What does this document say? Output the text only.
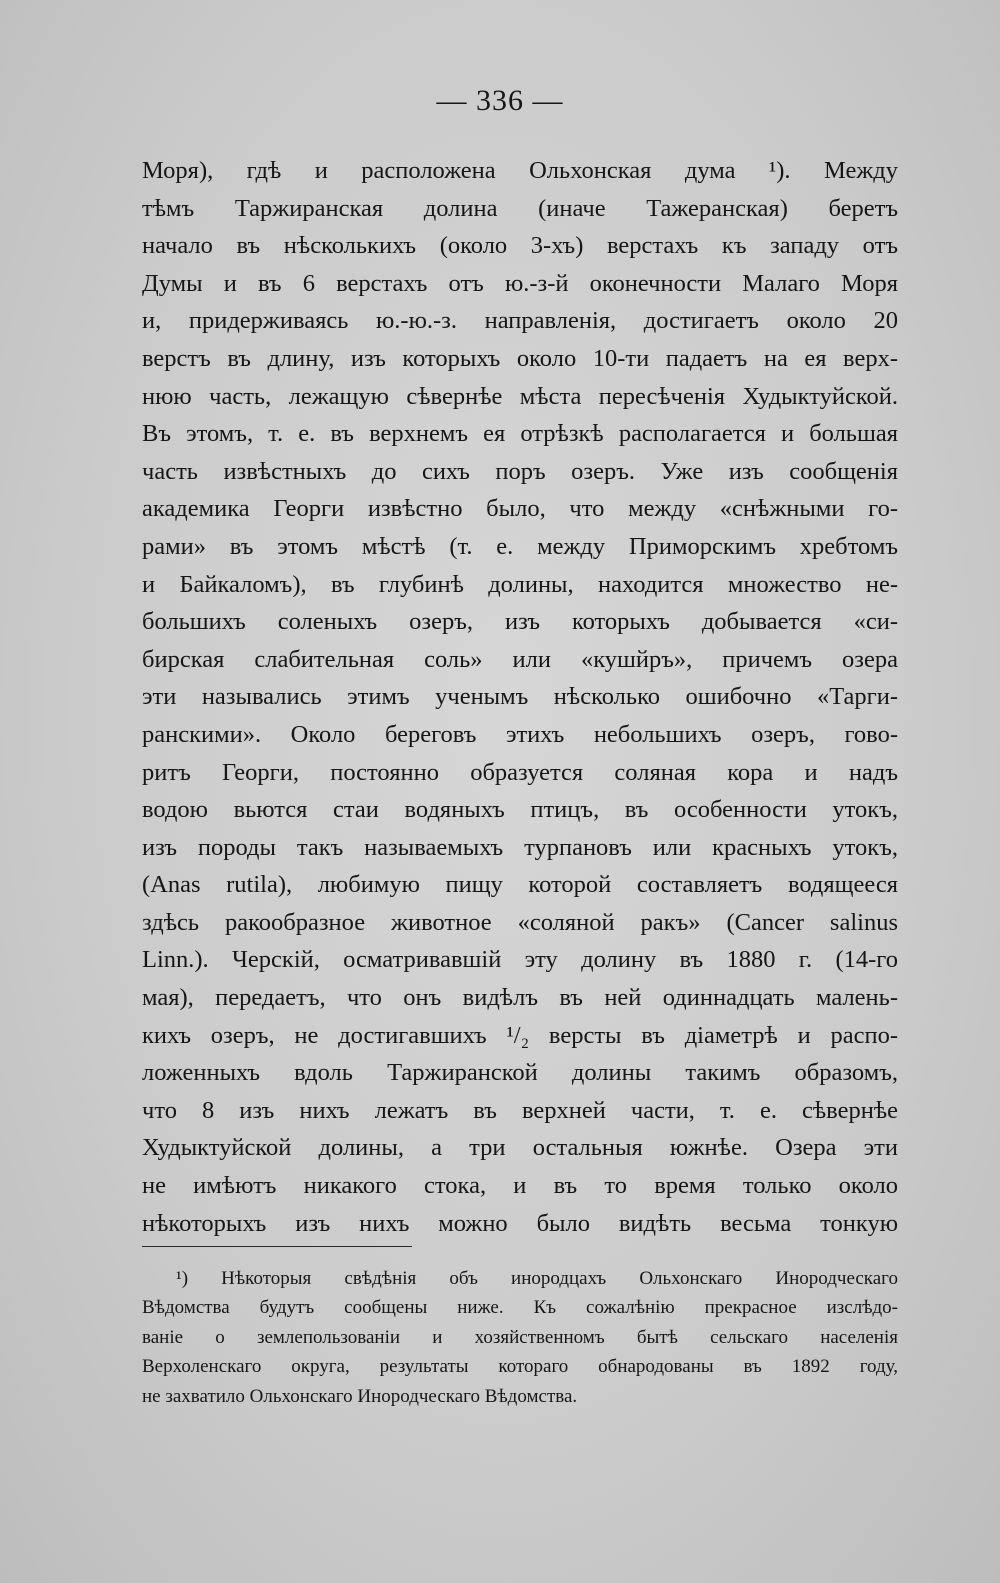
— 336 —
Моря), гдѣ и расположена Ольхонская дума ¹). Между
тѣмъ Таржиранская долина (иначе Тажеранская) беретъ
начало въ нѣсколькихъ (около 3-хъ) верстахъ къ западу отъ
Думы и въ 6 верстахъ отъ ю.-з-й оконечности Малаго Моря
и, придерживаясь ю.-ю.-з. направленія, достигаетъ около 20
верстъ въ длину, изъ которыхъ около 10-ти падаетъ на ея верх-
нюю часть, лежащую сѣвернѣе мѣста пересѣченія Худыктуйской.
Въ этомъ, т. е. въ верхнемъ ея отрѣзкѣ располагается и большая
часть извѣстныхъ до сихъ поръ озеръ. Уже изъ сообщенія
академика Георги извѣстно было, что между «снѣжными го-
рами» въ этомъ мѣстѣ (т. е. между Приморскимъ хребтомъ
и Байкаломъ), въ глубинѣ долины, находится множество не-
большихъ соленыхъ озеръ, изъ которыхъ добывается «си-
бирская слабительная соль» или «кушйръ», причемъ озера
эти назывались этимъ ученымъ нѣсколько ошибочно «Тарги-
ранскими». Около береговъ этихъ небольшихъ озеръ, гово-
ритъ Георги, постоянно образуется соляная кора и надъ
водою вьются стаи водяныхъ птицъ, въ особенности утокъ,
изъ породы такъ называемыхъ турпановъ или красныхъ утокъ,
(Anas rutila), любимую пищу которой составляетъ водящееся
здѣсь ракообразное животное «соляной ракъ» (Cancer salinus
Linn.). Черскій, осматривавшій эту долину въ 1880 г. (14-го
мая), передаетъ, что онъ видѣлъ въ ней одиннадцать малень-
кихъ озеръ, не достигавшихъ ¹/₂ версты въ діаметрѣ и распо-
ложенныхъ вдоль Таржиранской долины такимъ образомъ,
что 8 изъ нихъ лежатъ въ верхней части, т. е. сѣвернѣе
Худыктуйской долины, а три остальныя южнѣе. Озера эти
не имѣютъ никакого стока, и въ то время только около
нѣкоторыхъ изъ нихъ можно было видѣть весьма тонкую
¹) Нѣкоторыя свѣдѣнія объ инородцахъ Ольхонскаго Инородческаго
Вѣдомства будутъ сообщены ниже. Къ сожалѣнію прекрасное изслѣдо-
ваніе о землепользованіи и хозяйственномъ бытѣ сельскаго населенія
Верхоленскаго округа, результаты котораго обнародованы въ 1892 году,
не захватило Ольхонскаго Инородческаго Вѣдомства.
